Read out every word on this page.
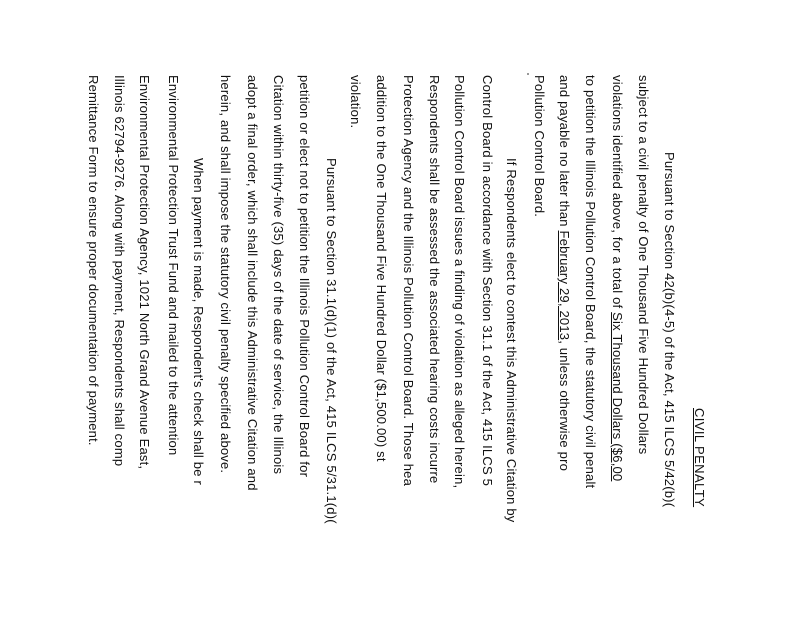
CIVIL PENALTY
Pursuant to Section 42(b)(4-5) of the Act, 415 ILCS 5/42(b)(
subject to a civil penalty of One Thousand Five Hundred Dollars
violations identified above, for a total of Six Thousand Dollars ($6,00
to petition the Illinois Pollution Control Board, the statutory civil penalt
and payable no later than February 29, 2013, unless otherwise pro
Pollution Control Board.
If Respondents elect to contest this Administrative Citation by
Control Board in accordance with Section 31.1 of the Act, 415 ILCS 5
Pollution Control Board issues a finding of violation as alleged herein,
Respondents shall be assessed the associated hearing costs incurre
Protection Agency and the Illinois Pollution Control Board. Those hea
addition to the One Thousand Five Hundred Dollar ($1,500.00) st
violation.
Pursuant to Section 31.1(d)(1) of the Act, 415 ILCS 5/31.1(d)(
petition or elect not to petition the Illinois Pollution Control Board for
Citation within thirty-five (35) days of the date of service, the Illinois
adopt a final order, which shall include this Administrative Citation and
herein, and shall impose the statutory civil penalty specified above.
When payment is made, Respondent's check shall be r
Environmental Protection Trust Fund and mailed to the attention
Environmental Protection Agency, 1021 North Grand Avenue East,
Illinois 62794-9276. Along with payment, Respondents shall comp
Remittance Form to ensure proper documentation of payment.
